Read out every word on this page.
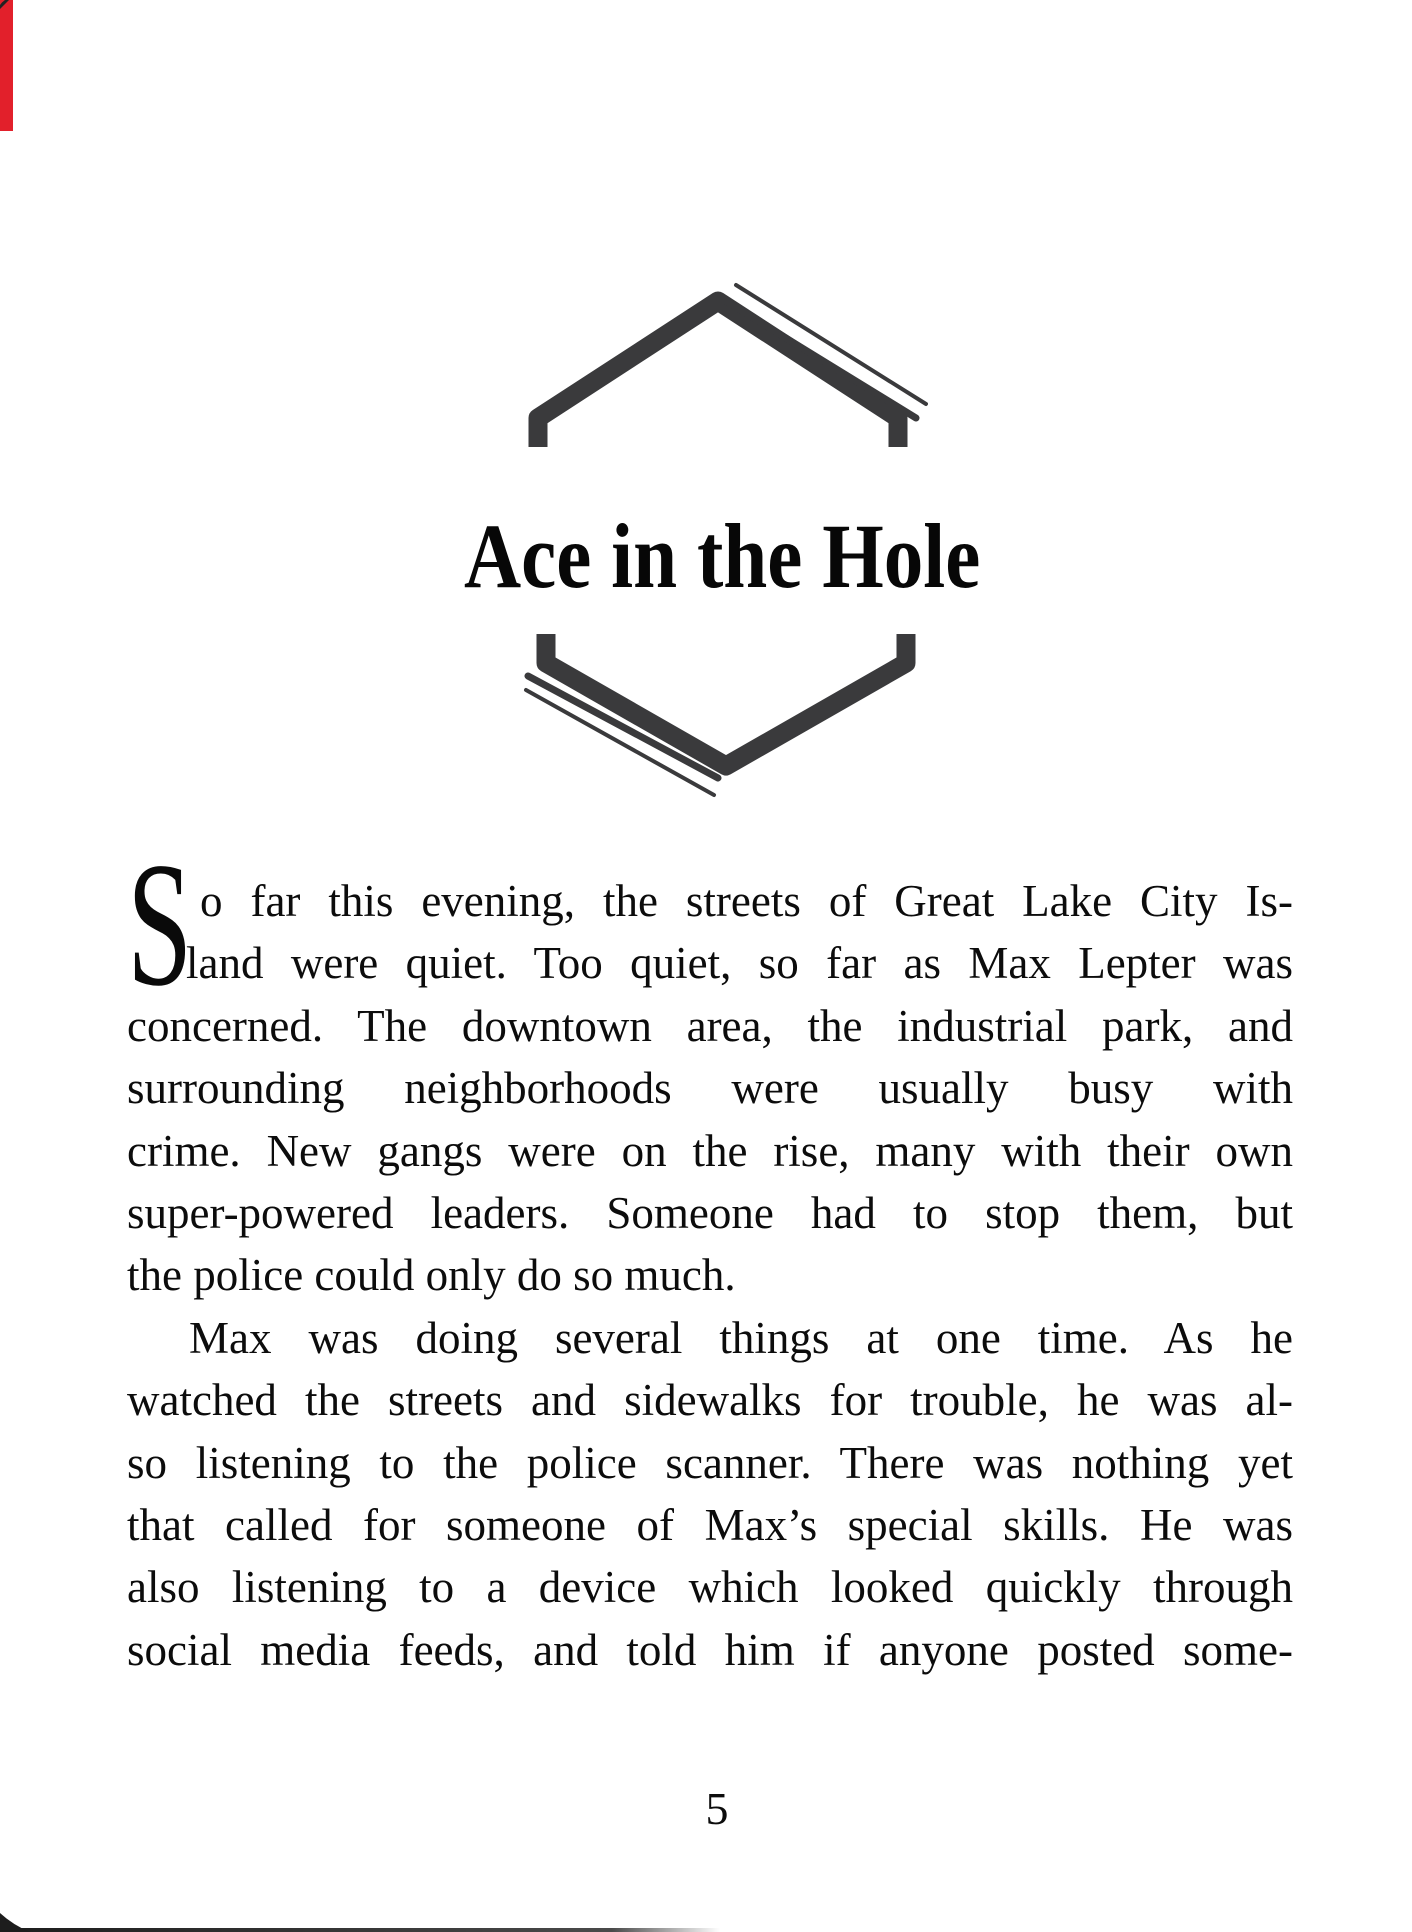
Ace in the Hole
S o far this evening, the streets of Great Lake City Is-
land were quiet. Too quiet, so far as Max Lepter was
concerned. The downtown area, the industrial park, and
surrounding neighborhoods were usually busy with
crime. New gangs were on the rise, many with their own
super-powered leaders. Someone had to stop them, but
the police could only do so much.
Max was doing several things at one time. As he
watched the streets and sidewalks for trouble, he was al-
so listening to the police scanner. There was nothing yet
that called for someone of Max’s special skills. He was
also listening to a device which looked quickly through
social media feeds, and told him if anyone posted some-
5
